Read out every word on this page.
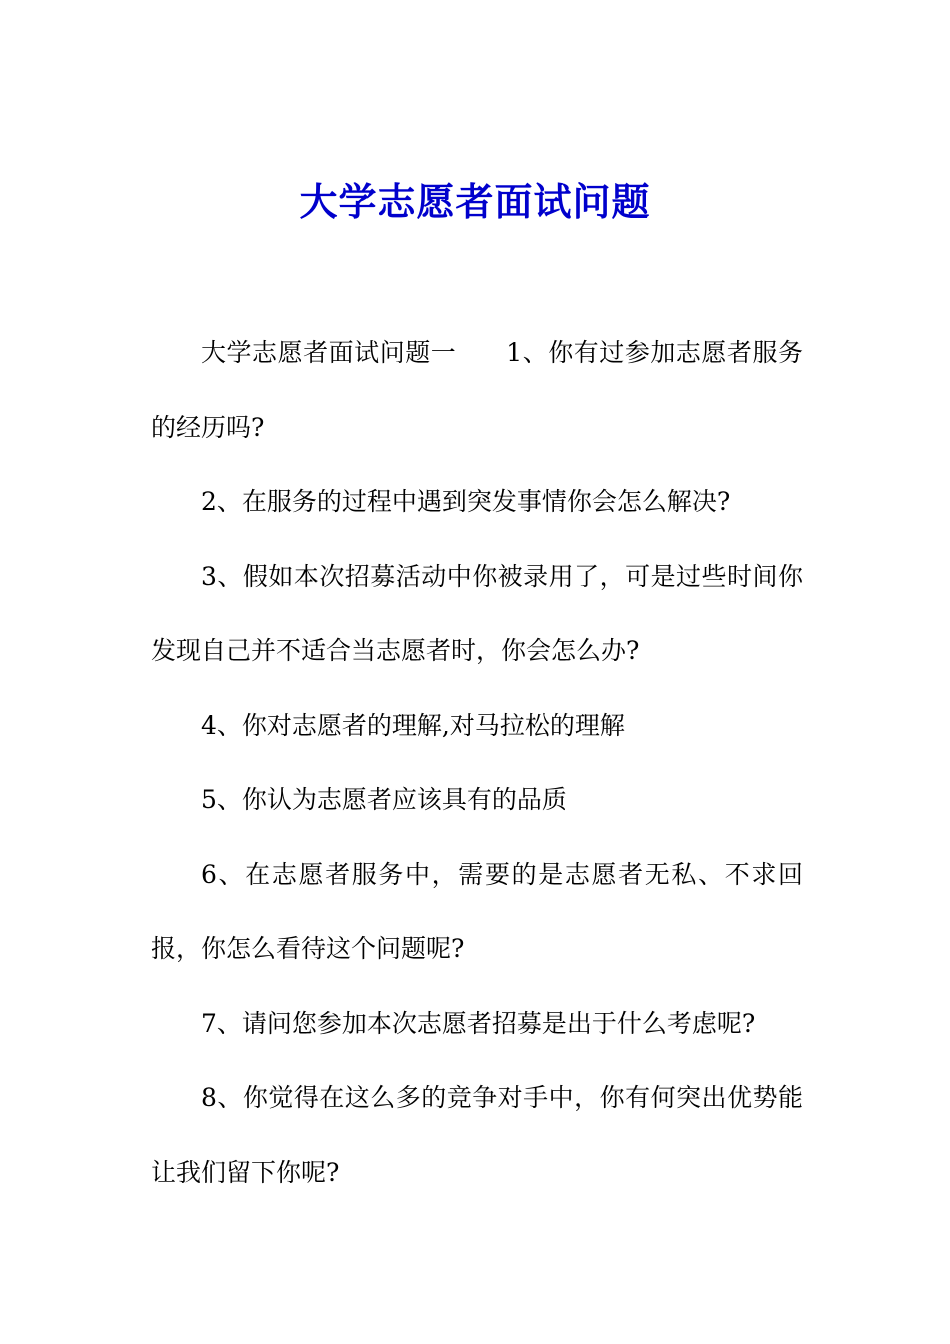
大学志愿者面试问题

大学志愿者面试问题一 1、你有过参加志愿者服务的经历吗?

2、在服务的过程中遇到突发事情你会怎么解决?

3、假如本次招募活动中你被录用了，可是过些时间你发现自己并不适合当志愿者时，你会怎么办?

4、你对志愿者的理解,对马拉松的理解

5、你认为志愿者应该具有的品质

6、在志愿者服务中，需要的是志愿者无私、不求回报，你怎么看待这个问题呢?

7、请问您参加本次志愿者招募是出于什么考虑呢?

8、你觉得在这么多的竞争对手中，你有何突出优势能让我们留下你呢?
